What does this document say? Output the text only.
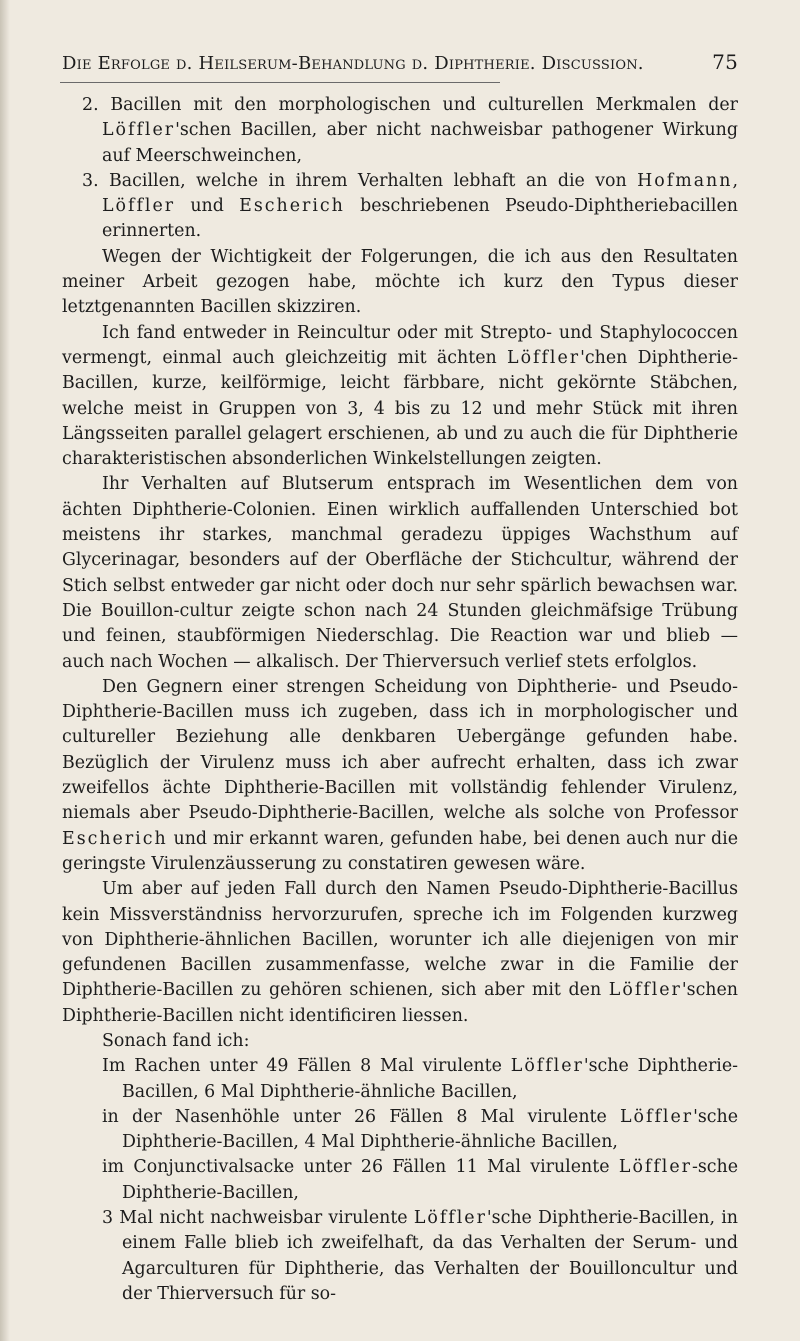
Die Erfolge d. Heilserum-Behandlung d. Diphtherie. Discussion.	75

2. Bacillen mit den morphologischen und culturellen Merkmalen der Löffler'schen Bacillen, aber nicht nachweisbar pathogener Wirkung auf Meerschweinchen,

3. Bacillen, welche in ihrem Verhalten lebhaft an die von Hofmann, Löffler und Escherich beschriebenen Pseudo-Diphtheriebacillen erinnerten.

Wegen der Wichtigkeit der Folgerungen, die ich aus den Resultaten meiner Arbeit gezogen habe, möchte ich kurz den Typus dieser letztgenannten Bacillen skizziren.

Ich fand entweder in Reincultur oder mit Strepto- und Staphylococcen vermengt, einmal auch gleichzeitig mit ächten Löffler'chen Diphtherie-Bacillen, kurze, keilförmige, leicht färbbare, nicht gekörnte Stäbchen, welche meist in Gruppen von 3, 4 bis zu 12 und mehr Stück mit ihren Längsseiten parallel gelagert erschienen, ab und zu auch die für Diphtherie charakteristischen absonderlichen Winkelstellungen zeigten.

Ihr Verhalten auf Blutserum entsprach im Wesentlichen dem von ächten Diphtherie-Colonien. Einen wirklich auffallenden Unterschied bot meistens ihr starkes, manchmal geradezu üppiges Wachsthum auf Glycerinagar, besonders auf der Oberfläche der Stichcultur, während der Stich selbst entweder gar nicht oder doch nur sehr spärlich bewachsen war. Die Bouillon-cultur zeigte schon nach 24 Stunden gleichmäfsige Trübung und feinen, staubförmigen Niederschlag. Die Reaction war und blieb — auch nach Wochen — alkalisch. Der Thierversuch verlief stets erfolglos.

Den Gegnern einer strengen Scheidung von Diphtherie- und Pseudo-Diphtherie-Bacillen muss ich zugeben, dass ich in morphologischer und cultureller Beziehung alle denkbaren Uebergänge gefunden habe. Bezüglich der Virulenz muss ich aber aufrecht erhalten, dass ich zwar zweifellos ächte Diphtherie-Bacillen mit vollständig fehlender Virulenz, niemals aber Pseudo-Diphtherie-Bacillen, welche als solche von Professor Escherich und mir erkannt waren, gefunden habe, bei denen auch nur die geringste Virulenzäusserung zu constatiren gewesen wäre.

Um aber auf jeden Fall durch den Namen Pseudo-Diphtherie-Bacillus kein Missverständniss hervorzurufen, spreche ich im Folgenden kurzweg von Diphtherie-ähnlichen Bacillen, worunter ich alle diejenigen von mir gefundenen Bacillen zusammenfasse, welche zwar in die Familie der Diphtherie-Bacillen zu gehören schienen, sich aber mit den Löffler'schen Diphtherie-Bacillen nicht identificiren liessen.

Sonach fand ich:

Im Rachen unter 49 Fällen 8 Mal virulente Löffler'sche Diphtherie-Bacillen, 6 Mal Diphtherie-ähnliche Bacillen,

in der Nasenhöhle unter 26 Fällen 8 Mal virulente Löffler'sche Diphtherie-Bacillen, 4 Mal Diphtherie-ähnliche Bacillen,

im Conjunctivalsacke unter 26 Fällen 11 Mal virulente Löffler-sche Diphtherie-Bacillen,

3 Mal nicht nachweisbar virulente Löffler'sche Diphtherie-Bacillen, in einem Falle blieb ich zweifelhaft, da das Verhalten der Serum- und Agarculturen für Diphtherie, das Verhalten der Bouilloncultur und der Thierversuch für so-
